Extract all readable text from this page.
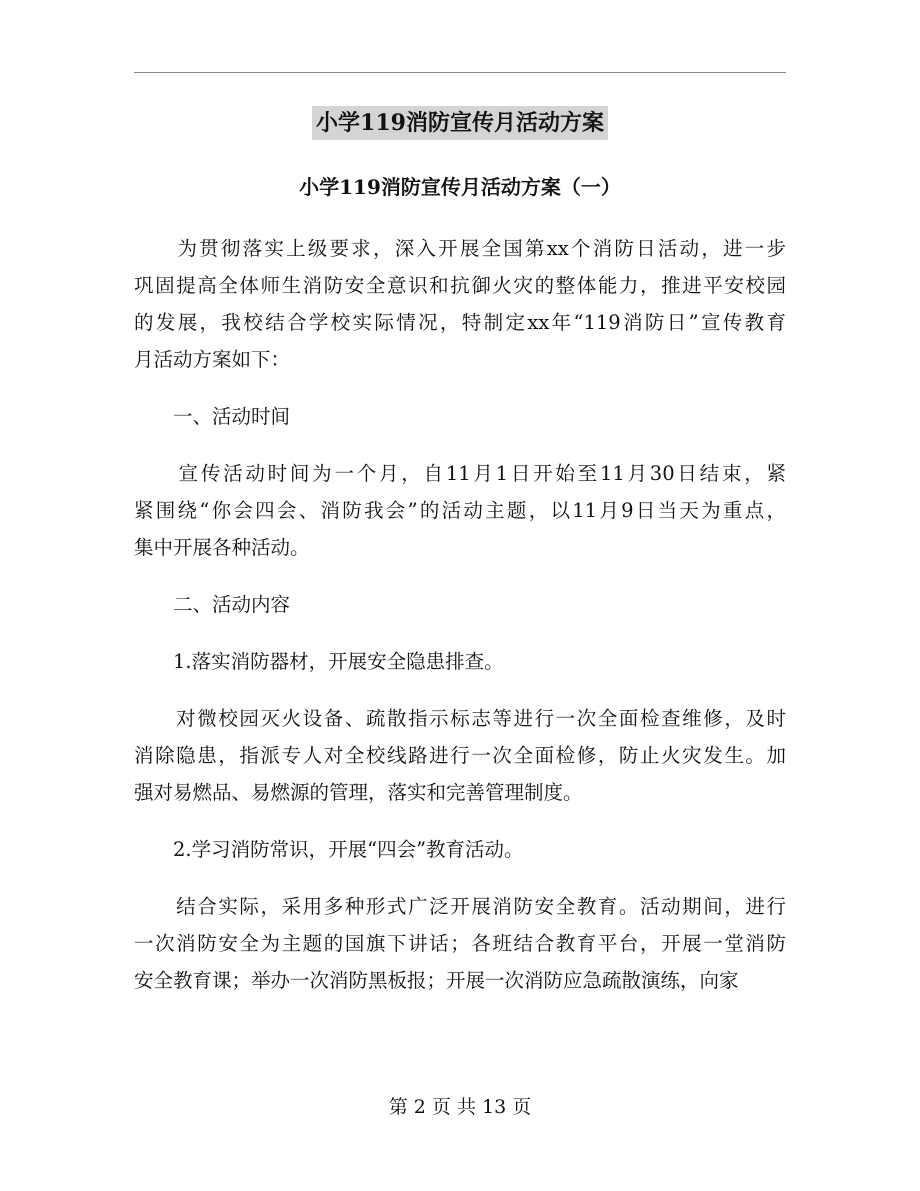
小学119消防宣传月活动方案
小学119消防宣传月活动方案（一）
　　为贯彻落实上级要求，深入开展全国第xx个消防日活动，进一步
巩固提高全体师生消防安全意识和抗御火灾的整体能力，推进平安校园
的发展，我校结合学校实际情况，特制定xx年“119消防日”宣传教育
月活动方案如下：
　　一、活动时间
　　宣传活动时间为一个月，自11月1日开始至11月30日结束，紧
紧围绕“你会四会、消防我会”的活动主题，以11月9日当天为重点，
集中开展各种活动。
　　二、活动内容
　　1.落实消防器材，开展安全隐患排查。
　　对微校园灭火设备、疏散指示标志等进行一次全面检查维修，及时
消除隐患，指派专人对全校线路进行一次全面检修，防止火灾发生。加
强对易燃品、易燃源的管理，落实和完善管理制度。
　　2.学习消防常识，开展“四会”教育活动。
　　结合实际，采用多种形式广泛开展消防安全教育。活动期间，进行
一次消防安全为主题的国旗下讲话；各班结合教育平台，开展一堂消防
安全教育课；举办一次消防黑板报；开展一次消防应急疏散演练，向家
第 2 页 共 13 页
